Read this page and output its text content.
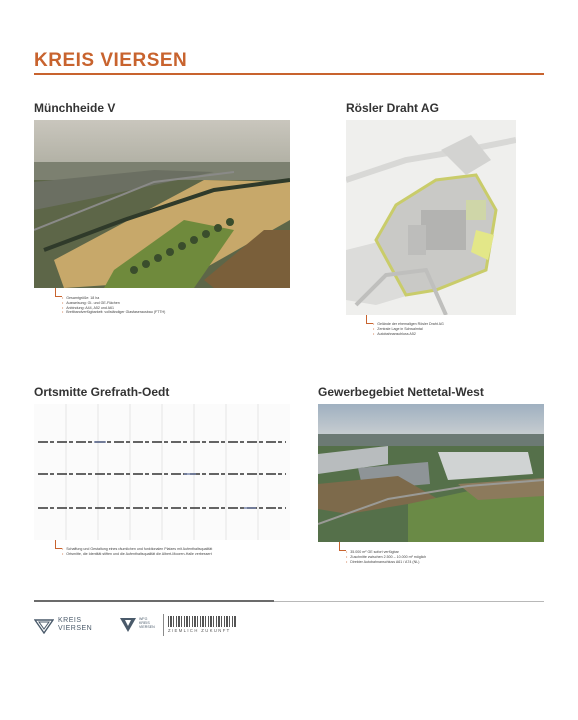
KREIS VIERSEN
Münchheide V
• Gesamtgröße: 18 ha
• Ausweisung: GI- und GE-Flächen
• Anbindung: A44, A52 und A61
• Breitbandverfügbarkeit: vollständiger Glasfaserausbau (FTTH)
Rösler Draht AG
• Gelände der ehemaligen Rösler Draht AG
• Zentrale Lage in Schwalmtal
• Autobahnanschluss A52
Ortsmitte Grefrath-Oedt
• Schaffung und Gestaltung eines räumlichen und funktionalen Platzes mit Aufenthaltsqualität
• Ortsmitte, die Identität stiften und die Aufenthaltsqualität die Albert-Mooren-Halle verbessert
Gewerbegebiet Nettetal-West
• 35.000 m² GE sofort verfügbar
• Zuschnitte zwischen 2.500 – 10.000 m² möglich
• Direkter Autobahnanschluss A61 / A74 (NL)
KREIS
VIERSEN
WFG
KREIS
VIERSEN
ZIEMLICH ZUKUNFT
